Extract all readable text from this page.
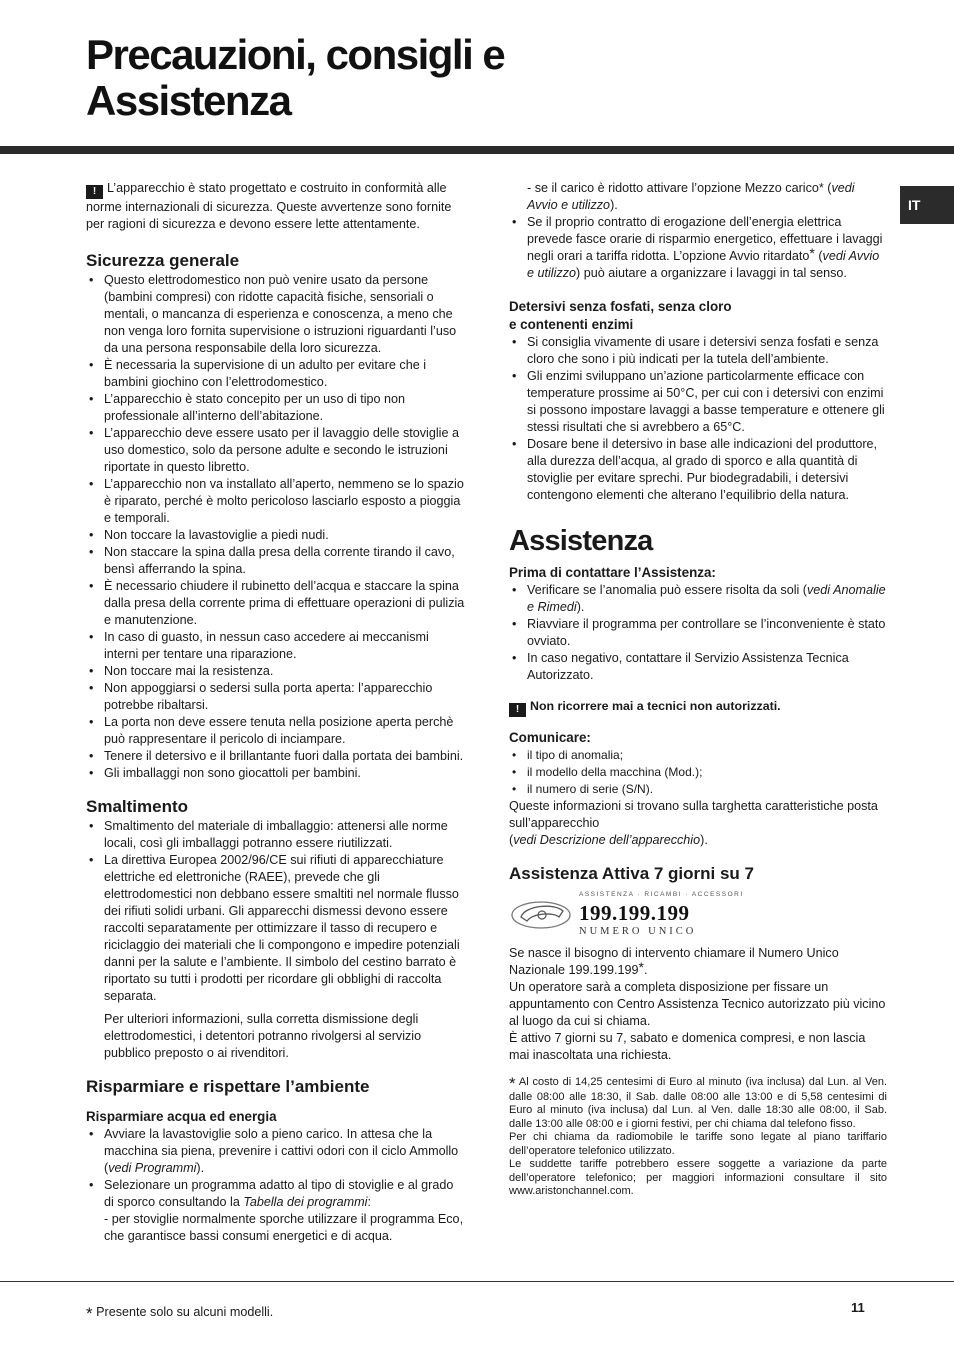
Precauzioni, consigli e
Assistenza
IT

! L’apparecchio è stato progettato e costruito in conformità alle norme internazionali di sicurezza. Queste avvertenze sono fornite per ragioni di sicurezza e devono essere lette attentamente.

Sicurezza generale
• Questo elettrodomestico non può venire usato da persone (bambini compresi) con ridotte capacità fisiche, sensoriali o mentali, o mancanza di esperienza e conoscenza, a meno che non venga loro fornita supervisione o istruzioni riguardanti l’uso da una persona responsabile della loro sicurezza.
• È necessaria la supervisione di un adulto per evitare che i bambini giochino con l’elettrodomestico.
• L’apparecchio è stato concepito per un uso di tipo non professionale all’interno dell’abitazione.
• L’apparecchio deve essere usato per il lavaggio delle stoviglie a uso domestico, solo da persone adulte e secondo le istruzioni riportate in questo libretto.
• L’apparecchio non va installato all’aperto, nemmeno se lo spazio è riparato, perché è molto pericoloso lasciarlo esposto a pioggia e temporali.
• Non toccare la lavastoviglie a piedi nudi.
• Non staccare la spina dalla presa della corrente tirando il cavo, bensì afferrando la spina.
• È necessario chiudere il rubinetto dell’acqua e staccare la spina dalla presa della corrente prima di effettuare operazioni di pulizia e manutenzione.
• In caso di guasto, in nessun caso accedere ai meccanismi interni per tentare una riparazione.
• Non toccare mai la resistenza.
• Non appoggiarsi o sedersi sulla porta aperta: l’apparecchio potrebbe ribaltarsi.
• La porta non deve essere tenuta nella posizione aperta perchè può rappresentare il pericolo di inciampare.
• Tenere il detersivo e il brillantante fuori dalla portata dei bambini.
• Gli imballaggi non sono giocattoli per bambini.
Smaltimento
• Smaltimento del materiale di imballaggio: attenersi alle norme locali, così gli imballaggi potranno essere riutilizzati.
• La direttiva Europea 2002/96/CE sui rifiuti di apparecchiature elettriche ed elettroniche (RAEE), prevede che gli elettrodomestici non debbano essere smaltiti nel normale flusso dei rifiuti solidi urbani. Gli apparecchi dismessi devono essere raccolti separatamente per ottimizzare il tasso di recupero e riciclaggio dei materiali che li compongono e impedire potenziali danni per la salute e l’ambiente. Il simbolo del cestino barrato è riportato su tutti i prodotti per ricordare gli obblighi di raccolta separata.

Per ulteriori informazioni, sulla corretta dismissione degli elettrodomestici, i detentori potranno rivolgersi al servizio pubblico preposto o ai rivenditori.

Risparmiare e rispettare l’ambiente
Risparmiare acqua ed energia
• Avviare la lavastoviglie solo a pieno carico. In attesa che la macchina sia piena, prevenire i cattivi odori con il ciclo Ammollo (vedi Programmi).
• Selezionare un programma adatto al tipo di stoviglie e al grado di sporco consultando la Tabella dei programmi:
- per stoviglie normalmente sporche utilizzare il programma Eco, che garantisce bassi consumi energetici e di acqua.

- se il carico è ridotto attivare l’opzione Mezzo carico* (vedi Avvio e utilizzo).

• Se il proprio contratto di erogazione dell’energia elettrica prevede fasce orarie di risparmio energetico, effettuare i lavaggi negli orari a tariffa ridotta. L’opzione Avvio ritardato* (vedi Avvio e utilizzo) può aiutare a organizzare i lavaggi in tal senso.
Detersivi senza fosfati, senza cloro
e contenenti enzimi
• Si consiglia vivamente di usare i detersivi senza fosfati e senza cloro che sono i più indicati per la tutela dell’ambiente.
• Gli enzimi sviluppano un’azione particolarmente efficace con temperature prossime ai 50°C, per cui con i detersivi con enzimi si possono impostare lavaggi a basse temperature e ottenere gli stessi risultati che si avrebbero a 65°C.
• Dosare bene il detersivo in base alle indicazioni del produttore, alla durezza dell’acqua, al grado di sporco e alla quantità di stoviglie per evitare sprechi. Pur biodegradabili, i detersivi contengono elementi che alterano l’equilibrio della natura.
Assistenza
Prima di contattare l’Assistenza:
• Verificare se l’anomalia può essere risolta da soli (vedi Anomalie e Rimedi).
• Riavviare il programma per controllare se l’inconveniente è stato ovviato.
• In caso negativo, contattare il Servizio Assistenza Tecnica Autorizzato.

! Non ricorrere mai a tecnici non autorizzati.

Comunicare:
• il tipo di anomalia;
• il modello della macchina (Mod.);
• il numero di serie (S/N).

Queste informazioni si trovano sulla targhetta caratteristiche posta sull’apparecchio

(vedi Descrizione dell’apparecchio).

Assistenza Attiva 7 giorni su 7
ASSISTENZA · RICAMBI · ACCESSORI
199.199.199
NUMERO UNICO

Se nasce il bisogno di intervento chiamare il Numero Unico Nazionale 199.199.199*.

Un operatore sarà a completa disposizione per fissare un appuntamento con Centro Assistenza Tecnico autorizzato più vicino al luogo da cui si chiama.

È attivo 7 giorni su 7, sabato e domenica compresi, e non lascia mai inascoltata una richiesta.

* Al costo di 14,25 centesimi di Euro al minuto (iva inclusa) dal Lun. al Ven. dalle 08:00 alle 18:30, il Sab. dalle 08:00 alle 13:00 e di 5,58 centesimi di Euro al minuto (iva inclusa) dal Lun. al Ven. dalle 18:30 alle 08:00, il Sab. dalle 13:00 alle 08:00 e i giorni festivi, per chi chiama dal telefono fisso.

Per chi chiama da radiomobile le tariffe sono legate al piano tariffario dell’operatore telefonico utilizzato.

Le suddette tariffe potrebbero essere soggette a variazione da parte dell’operatore telefonico; per maggiori informazioni consultare il sito www.aristonchannel.com.

* Presente solo su alcuni modelli.	11
